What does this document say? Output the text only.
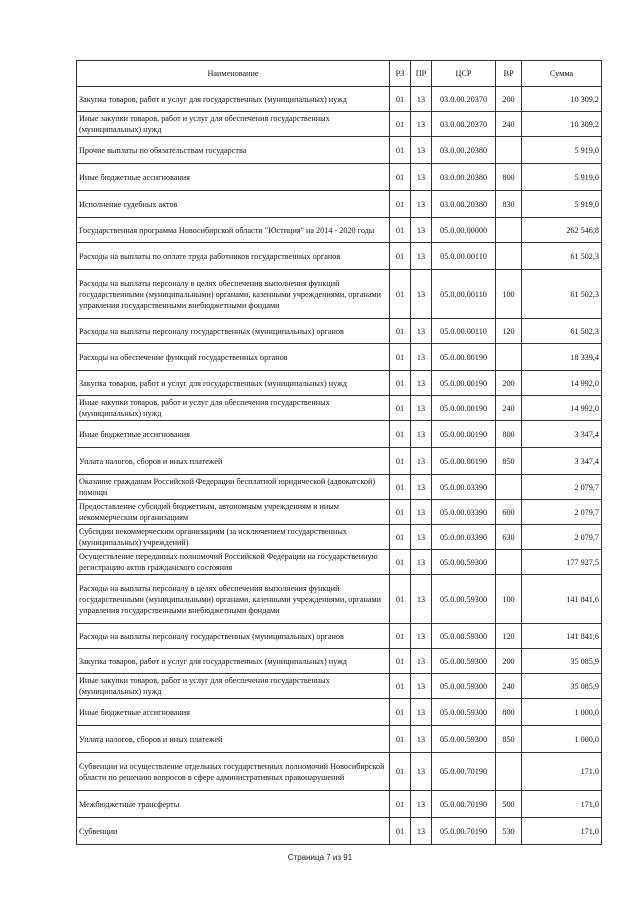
Наименование	РЗ	ПР	ЦСР	ВР	Сумма
Закупка товаров, работ и услуг для государственных (муниципальных) нужд	01	13	03.0.00.20370	200	10 309,2
Иные закупки товаров, работ и услуг для обеспечения государственных (муниципальных) нужд	01	13	03.0.00.20370	240	10 309,2
Прочие выплаты по обязательствам государства	01	13	03.0.00.20380		5 919,0
Иные бюджетные ассигнования	01	13	03.0.00.20380	800	5 919,0
Исполнение судебных актов	01	13	03.0.00.20380	830	5 919,0
Государственная программа Новосибирской области "Юстиция" на 2014 - 2020 годы	01	13	05.0.00.00000		262 546,8
Расходы на выплаты по оплате труда работников государственных органов	01	13	05.0.00.00110		61 502,3
Расходы на выплаты персоналу в целях обеспечения выполнения функций государственными (муниципальными) органами, казенными учреждениями, органами управления государственными внебюджетными фондами	01	13	05.0.00.00110	100	61 502,3
Расходы на выплаты персоналу государственных (муниципальных) органов	01	13	05.0.00.00110	120	61 502,3
Расходы на обеспечение функций государственных органов	01	13	05.0.00.00190		18 339,4
Закупка товаров, работ и услуг для государственных (муниципальных) нужд	01	13	05.0.00.00190	200	14 992,0
Иные закупки товаров, работ и услуг для обеспечения государственных (муниципальных) нужд	01	13	05.0.00.00190	240	14 992,0
Иные бюджетные ассигнования	01	13	05.0.00.00190	800	3 347,4
Уплата налогов, сборов и иных платежей	01	13	05.0.00.00190	850	3 347,4
Оказание гражданам Российской Федерации бесплатной юридической (адвокатской) помощи	01	13	05.0.00.03390		2 079,7
Предоставление субсидий бюджетным, автономным учреждениям и иным некоммерческим организациям	01	13	05.0.00.03390	600	2 079,7
Субсидии некоммерческим организациям (за исключением государственных (муниципальных) учреждений)	01	13	05.0.00.03390	630	2 079,7
Осуществление переданных полномочий Российской Федерации на государственную регистрацию актов гражданского состояния	01	13	05.0.00.59300		177 927,5
Расходы на выплаты персоналу в целях обеспечения выполнения функций государственными (муниципальными) органами, казенными учреждениями, органами управления государственными внебюджетными фондами	01	13	05.0.00.59300	100	141 841,6
Расходы на выплаты персоналу государственных (муниципальных) органов	01	13	05.0.00.59300	120	141 841,6
Закупка товаров, работ и услуг для государственных (муниципальных) нужд	01	13	05.0.00.59300	200	35 085,9
Иные закупки товаров, работ и услуг для обеспечения государственных (муниципальных) нужд	01	13	05.0.00.59300	240	35 085,9
Иные бюджетные ассигнования	01	13	05.0.00.59300	800	1 000,0
Уплата налогов, сборов и иных платежей	01	13	05.0.00.59300	850	1 000,0
Субвенции на осуществление отдельных государственных полномочий Новосибирской области по решению вопросов в сфере административных правонарушений	01	13	05.0.00.70190		171,0
Межбюджетные трансферты	01	13	05.0.00.70190	500	171,0
Субвенции	01	13	05.0.00.70190	530	171,0
Страница 7 из 91
